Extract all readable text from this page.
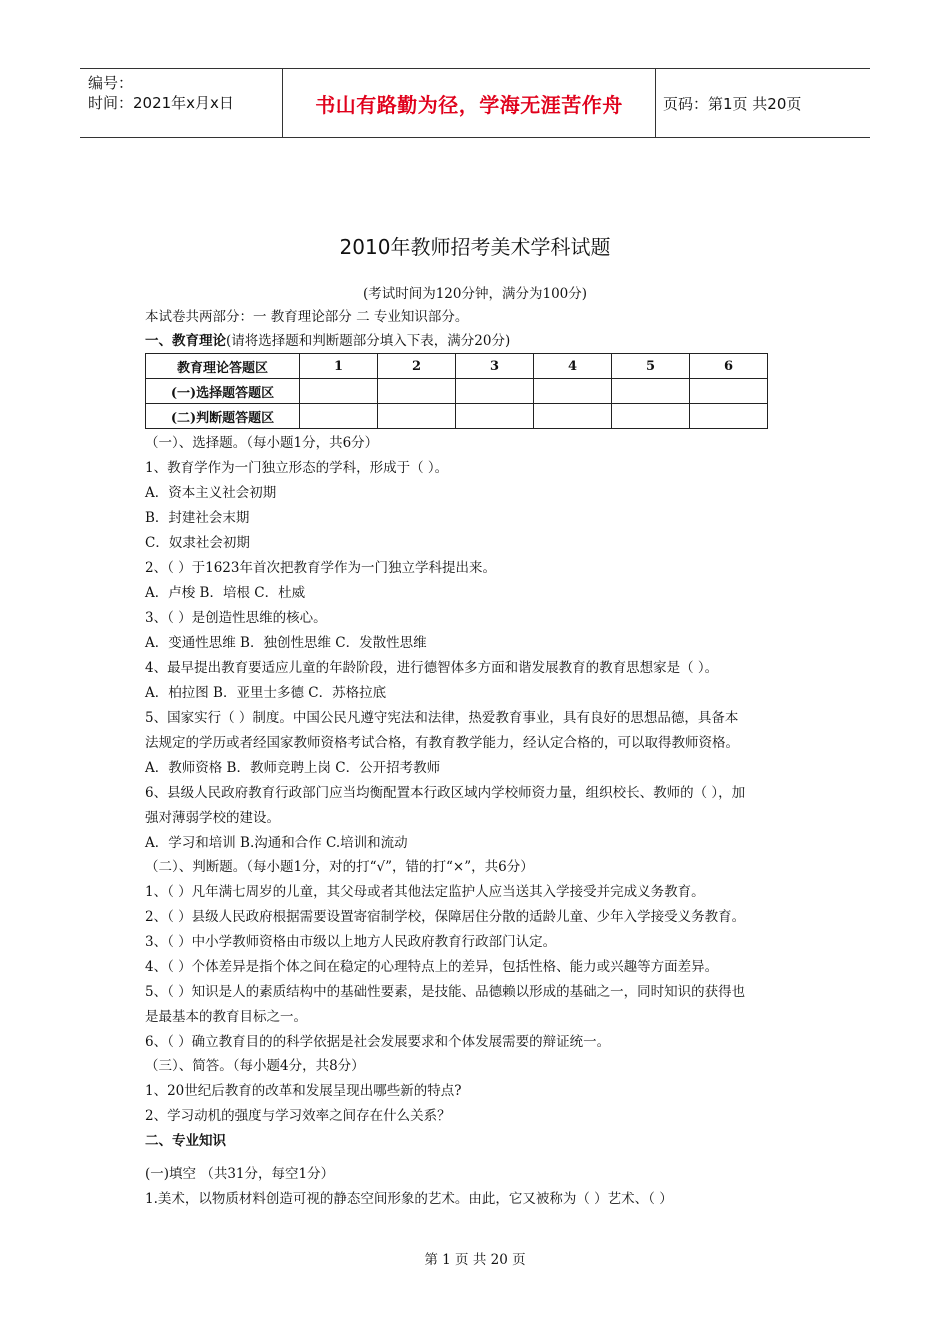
编号：
时间：2021年x月x日	书山有路勤为径，学海无涯苦作舟	页码：第1页 共20页
2010年教师招考美术学科试题
(考试时间为120分钟，满分为100分)
本试卷共两部分：一 教育理论部分 二 专业知识部分。
一、教育理论(请将选择题和判断题部分填入下表，满分20分)
教育理论答题区	1	2	3	4	5	6
(一)选择题答题区						
(二)判断题答题区						
（一）、选择题。（每小题1分，共6分）
1、教育学作为一门独立形态的学科，形成于（ ）。
A．资本主义社会初期
B．封建社会末期
C．奴隶社会初期
2、（ ）于1623年首次把教育学作为一门独立学科提出来。
A．卢梭 B．培根 C．杜威
3、（ ）是创造性思维的核心。
A．变通性思维 B．独创性思维 C．发散性思维
4、最早提出教育要适应儿童的年龄阶段，进行德智体多方面和谐发展教育的教育思想家是（ ）。
A．柏拉图 B．亚里士多德 C．苏格拉底
5、国家实行（ ）制度。中国公民凡遵守宪法和法律，热爱教育事业，具有良好的思想品德，具备本
法规定的学历或者经国家教师资格考试合格，有教育教学能力，经认定合格的，可以取得教师资格。
A．教师资格 B．教师竞聘上岗 C．公开招考教师
6、县级人民政府教育行政部门应当均衡配置本行政区域内学校师资力量，组织校长、教师的（ ），加
强对薄弱学校的建设。
A．学习和培训 B.沟通和合作 C.培训和流动
（二）、判断题。（每小题1分，对的打“√”，错的打“×”，共6分）
1、（ ）凡年满七周岁的儿童，其父母或者其他法定监护人应当送其入学接受并完成义务教育。
2、（ ）县级人民政府根据需要设置寄宿制学校，保障居住分散的适龄儿童、少年入学接受义务教育。
3、（ ）中小学教师资格由市级以上地方人民政府教育行政部门认定。
4、（ ）个体差异是指个体之间在稳定的心理特点上的差异，包括性格、能力或兴趣等方面差异。
5、（ ）知识是人的素质结构中的基础性要素，是技能、品德赖以形成的基础之一，同时知识的获得也
是最基本的教育目标之一。
6、（ ）确立教育目的的科学依据是社会发展要求和个体发展需要的辩证统一。
（三）、简答。（每小题4分，共8分）
1、20世纪后教育的改革和发展呈现出哪些新的特点?
2、学习动机的强度与学习效率之间存在什么关系？
二、专业知识
(一)填空 （共31分，每空1分）
1.美术，以物质材料创造可视的静态空间形象的艺术。由此，它又被称为（ ）艺术、（ ）
第 1 页 共 20 页
